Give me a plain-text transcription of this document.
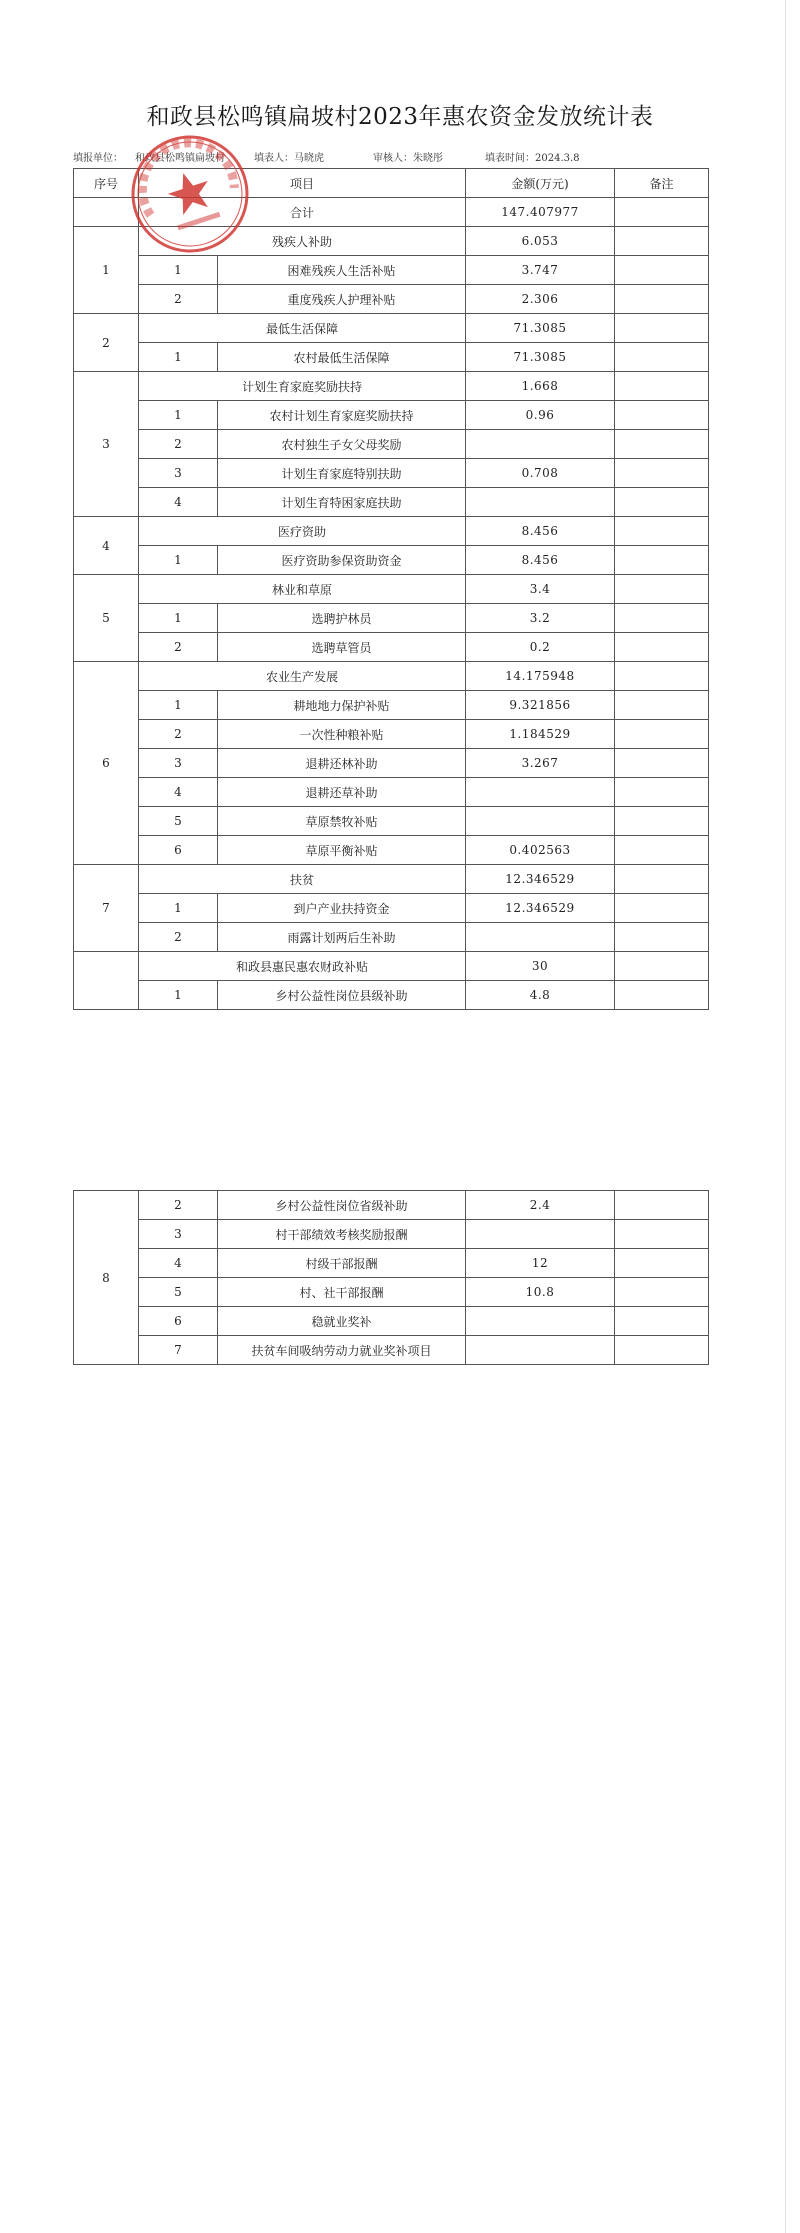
和政县松鸣镇扁坡村2023年惠农资金发放统计表
填报单位： 和政县松鸣镇扁坡村	填表人：马晓虎	审核人：朱晓彤	填表时间：2024.3.8
序号	项目		金额(万元)	备注
	合计		147.407977	
1	残疾人补助		6.053	
	1	困难残疾人生活补贴	3.747	
	2	重度残疾人护理补贴	2.306	
2	最低生活保障		71.3085	
	1	农村最低生活保障	71.3085	
3	计划生育家庭奖励扶持		1.668	
	1	农村计划生育家庭奖励扶持	0.96	
	2	农村独生子女父母奖励		
	3	计划生育家庭特别扶助	0.708	
	4	计划生育特困家庭扶助		
4	医疗资助		8.456	
	1	医疗资助参保资助资金	8.456	
5	林业和草原		3.4	
	1	选聘护林员	3.2	
	2	选聘草管员	0.2	
6	农业生产发展		14.175948	
	1	耕地地力保护补贴	9.321856	
	2	一次性种粮补贴	1.184529	
	3	退耕还林补助	3.267	
	4	退耕还草补助		
	5	草原禁牧补贴		
	6	草原平衡补贴	0.402563	
7	扶贫		12.346529	
	1	到户产业扶持资金	12.346529	
	2	雨露计划两后生补助		
	和政县惠民惠农财政补贴		30	
	1	乡村公益性岗位县级补助	4.8	
8	2	乡村公益性岗位省级补助	2.4	
	3	村干部绩效考核奖励报酬		
	4	村级干部报酬	12	
	5	村、社干部报酬	10.8	
	6	稳就业奖补		
	7	扶贫车间吸纳劳动力就业奖补项目		
